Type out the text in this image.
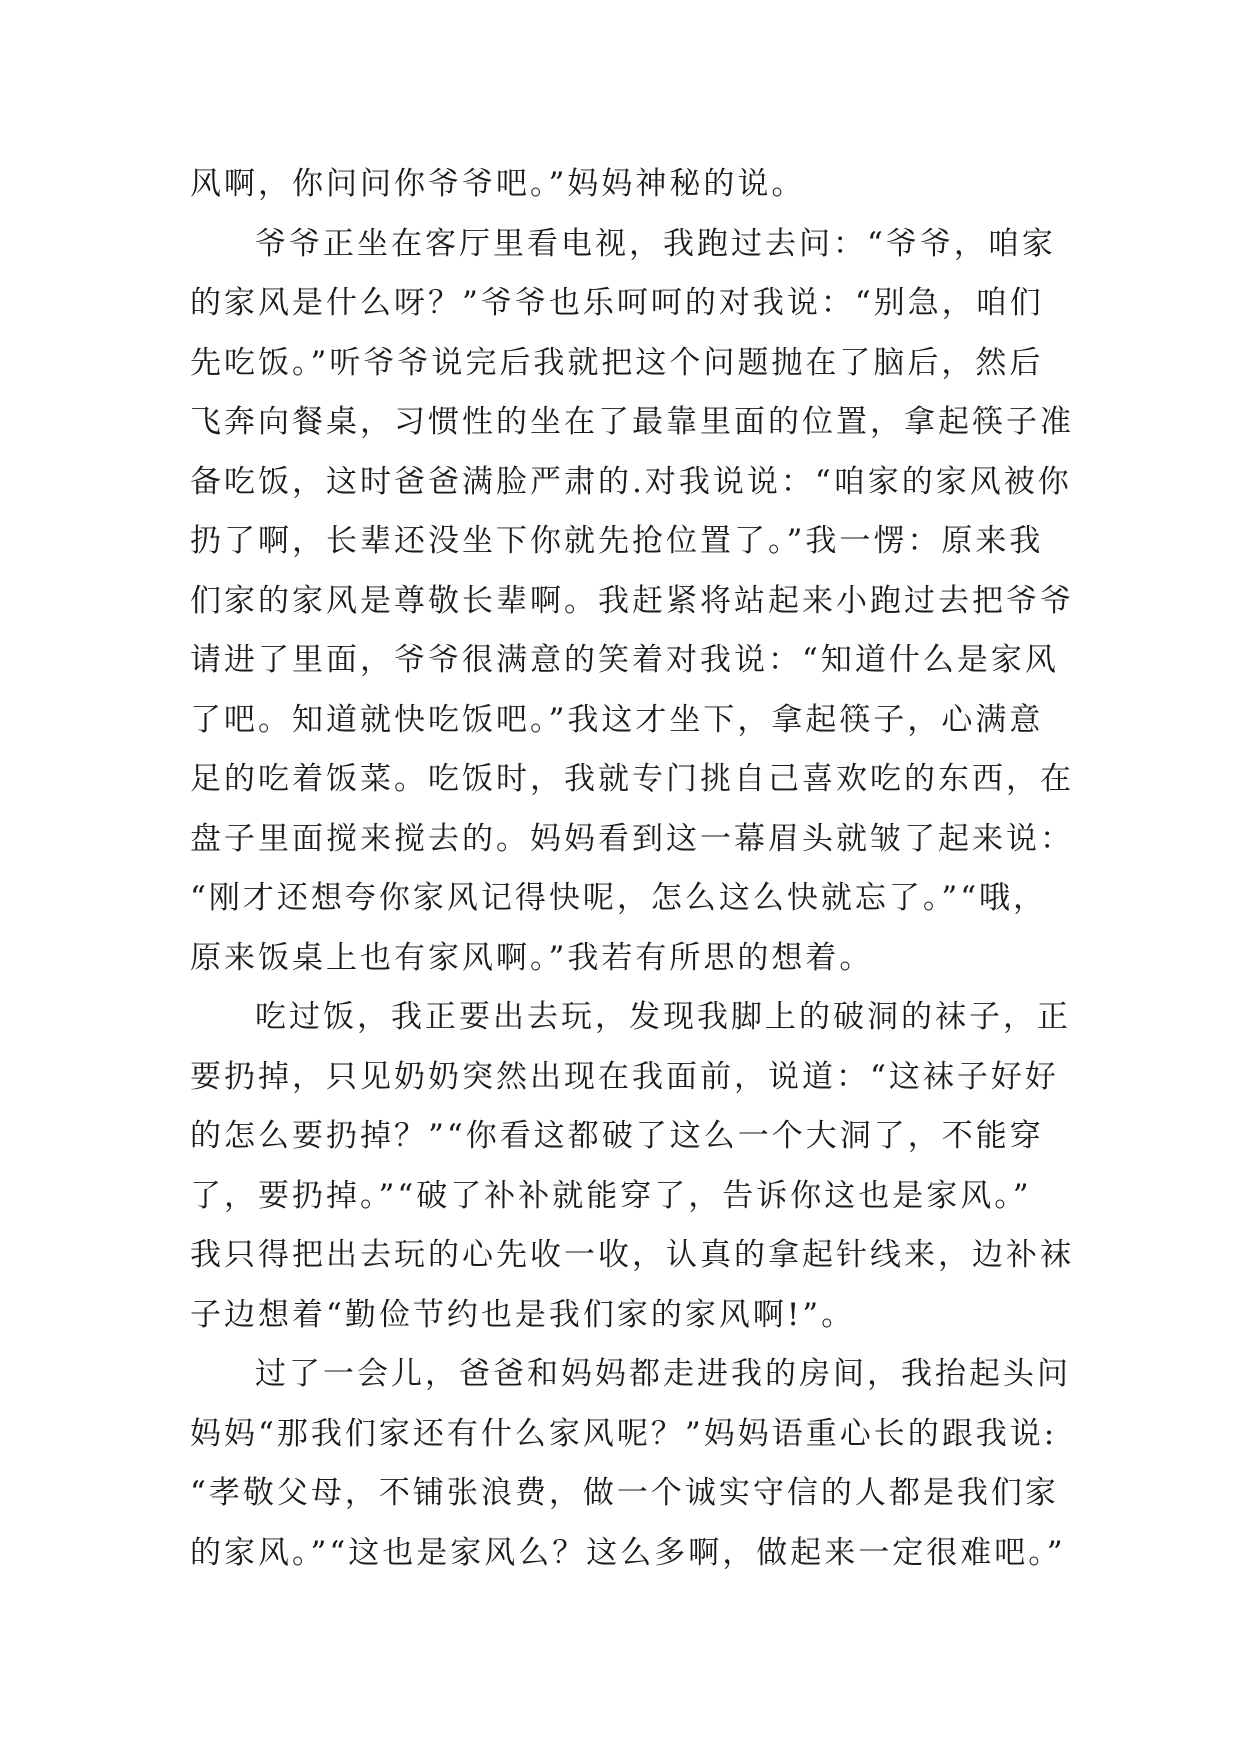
风啊，你问问你爷爷吧。”妈妈神秘的说。
爷爷正坐在客厅里看电视，我跑过去问：“爷爷，咱家
的家风是什么呀？”爷爷也乐呵呵的对我说：“别急，咱们
先吃饭。”听爷爷说完后我就把这个问题抛在了脑后，然后
飞奔向餐桌，习惯性的坐在了最靠里面的位置，拿起筷子准
备吃饭，这时爸爸满脸严肃的.对我说说：“咱家的家风被你
扔了啊，长辈还没坐下你就先抢位置了。”我一愣：原来我
们家的家风是尊敬长辈啊。我赶紧将站起来小跑过去把爷爷
请进了里面，爷爷很满意的笑着对我说：“知道什么是家风
了吧。知道就快吃饭吧。”我这才坐下，拿起筷子，心满意
足的吃着饭菜。吃饭时，我就专门挑自己喜欢吃的东西，在
盘子里面搅来搅去的。妈妈看到这一幕眉头就皱了起来说：
“刚才还想夸你家风记得快呢，怎么这么快就忘了。”“哦，
原来饭桌上也有家风啊。”我若有所思的想着。
吃过饭，我正要出去玩，发现我脚上的破洞的袜子，正
要扔掉，只见奶奶突然出现在我面前，说道：“这袜子好好
的怎么要扔掉？”“你看这都破了这么一个大洞了，不能穿
了，要扔掉。”“破了补补就能穿了，告诉你这也是家风。”
我只得把出去玩的心先收一收，认真的拿起针线来，边补袜
子边想着“勤俭节约也是我们家的家风啊!”。
过了一会儿，爸爸和妈妈都走进我的房间，我抬起头问
妈妈“那我们家还有什么家风呢？”妈妈语重心长的跟我说:
“孝敬父母，不铺张浪费，做一个诚实守信的人都是我们家
的家风。”“这也是家风么？这么多啊，做起来一定很难吧。”
